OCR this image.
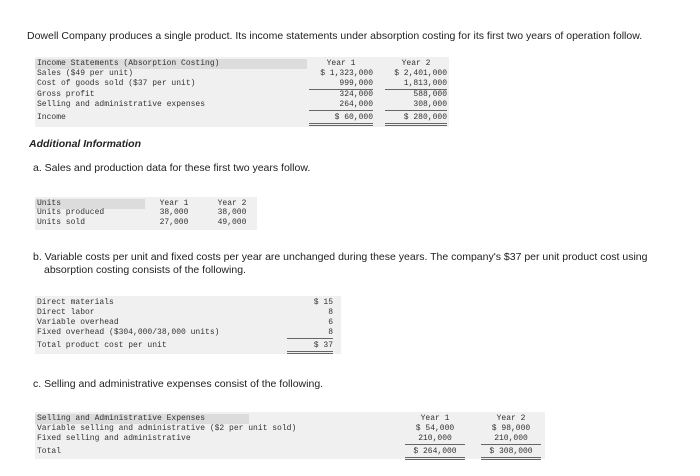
Dowell Company produces a single product. Its income statements under absorption costing for its first two years of operation follow.
Income Statements (Absorption Costing)	Year 1	Year 2
Sales ($49 per unit)	$ 1,323,000	$ 2,401,000
Cost of goods sold ($37 per unit)	999,000	1,813,000
Gross profit	324,000	588,000
Selling and administrative expenses	264,000	308,000
Income	$ 60,000	$ 280,000
Additional Information
a. Sales and production data for these first two years follow.
Units	Year 1	Year 2
Units produced	38,000	38,000
Units sold	27,000	49,000
b. Variable costs per unit and fixed costs per year are unchanged during these years. The company's $37 per unit product cost using
absorption costing consists of the following.
Direct materials	$ 15
Direct labor	8
Variable overhead	6
Fixed overhead ($304,000/38,000 units)	8
Total product cost per unit	$ 37
c. Selling and administrative expenses consist of the following.
Selling and Administrative Expenses	Year 1	Year 2
Variable selling and administrative ($2 per unit sold)	$ 54,000	$ 98,000
Fixed selling and administrative	210,000	210,000
Total	$ 264,000	$ 308,000
